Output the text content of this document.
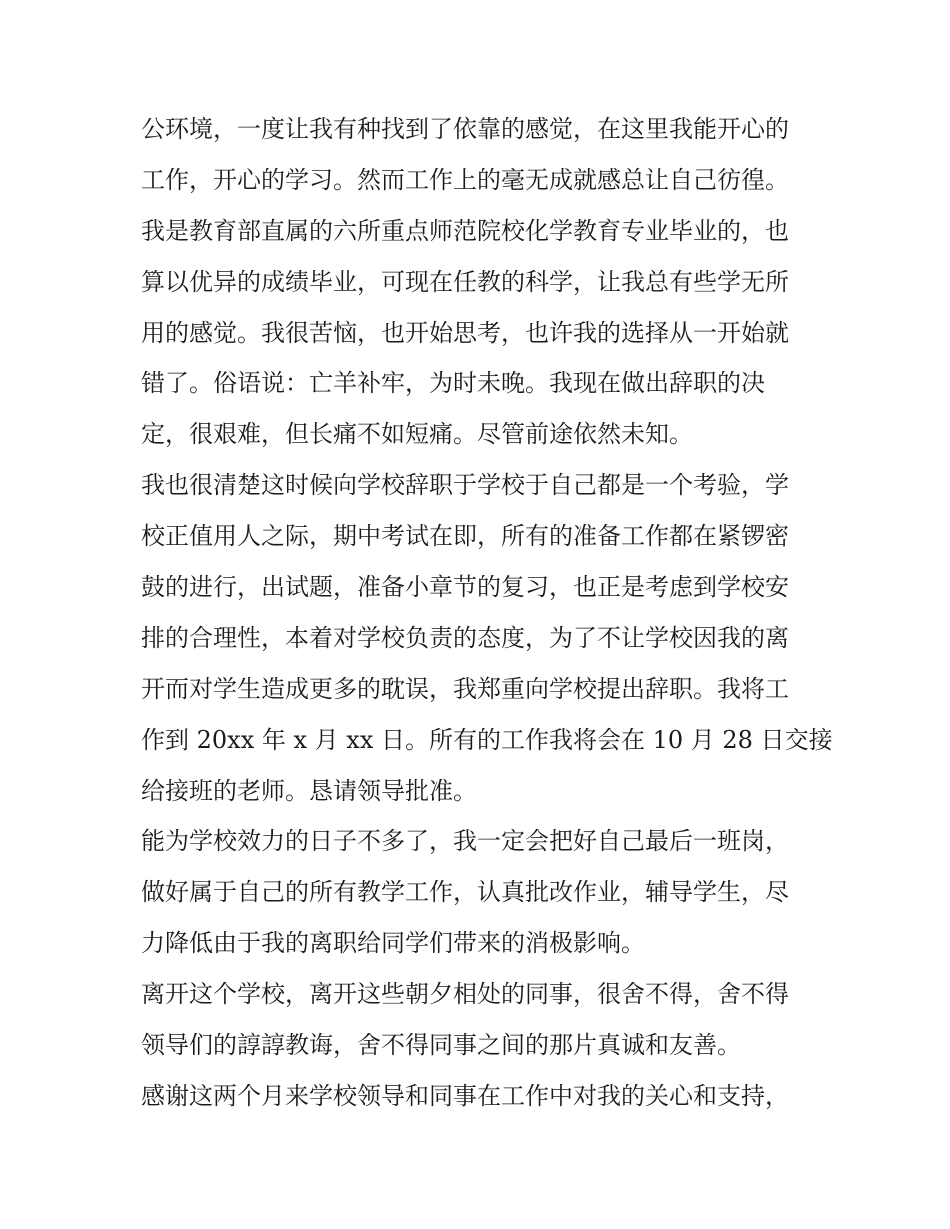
公环境，一度让我有种找到了依靠的感觉，在这里我能开心的
工作，开心的学习。然而工作上的毫无成就感总让自己彷徨。
我是教育部直属的六所重点师范院校化学教育专业毕业的，也
算以优异的成绩毕业，可现在任教的科学，让我总有些学无所
用的感觉。我很苦恼，也开始思考，也许我的选择从一开始就
错了。俗语说：亡羊补牢，为时未晚。我现在做出辞职的决
定，很艰难，但长痛不如短痛。尽管前途依然未知。
我也很清楚这时候向学校辞职于学校于自己都是一个考验，学
校正值用人之际，期中考试在即，所有的准备工作都在紧锣密
鼓的进行，出试题，准备小章节的复习，也正是考虑到学校安
排的合理性，本着对学校负责的态度，为了不让学校因我的离
开而对学生造成更多的耽误，我郑重向学校提出辞职。我将工
作到 20xx 年 x 月 xx 日。所有的工作我将会在 10 月 28 日交接
给接班的老师。恳请领导批准。
能为学校效力的日子不多了，我一定会把好自己最后一班岗，
做好属于自己的所有教学工作，认真批改作业，辅导学生，尽
力降低由于我的离职给同学们带来的消极影响。
离开这个学校，离开这些朝夕相处的同事，很舍不得，舍不得
领导们的諄諄教诲，舍不得同事之间的那片真诚和友善。
感谢这两个月来学校领导和同事在工作中对我的关心和支持，
